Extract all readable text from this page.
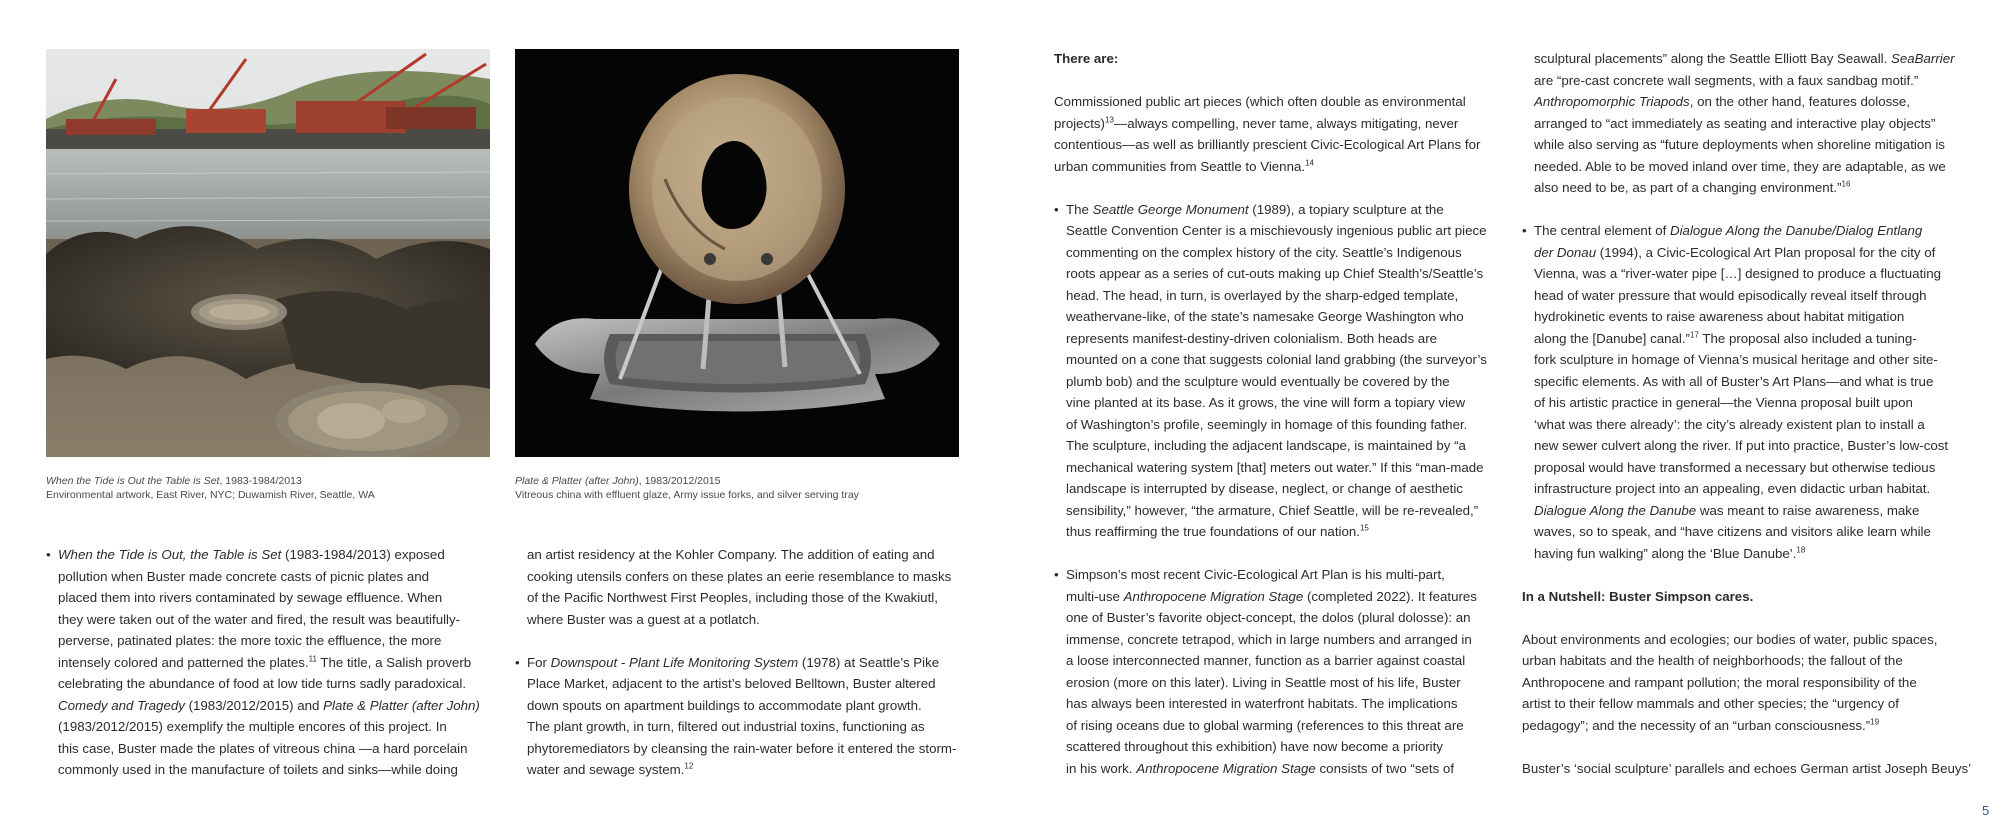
When the Tide is Out the Table is Set, 1983-1984/2013
Environmental artwork, East River, NYC; Duwamish River, Seattle, WA
Plate & Platter (after John), 1983/2012/2015
Vitreous china with effluent glaze, Army issue forks, and silver serving tray

• When the Tide is Out, the Table is Set (1983-1984/2013) exposed

pollution when Buster made concrete casts of picnic plates and

placed them into rivers contaminated by sewage effluence. When

they were taken out of the water and fired, the result was beautifully-

perverse, patinated plates: the more toxic the effluence, the more

intensely colored and patterned the plates.$^{11}$ The title, a Salish proverb

celebrating the abundance of food at low tide turns sadly paradoxical.

Comedy and Tragedy (1983/2012/2015) and Plate & Platter (after John)

(1983/2012/2015) exemplify the multiple encores of this project. In

this case, Buster made the plates of vitreous china —a hard porcelain

commonly used in the manufacture of toilets and sinks—while doing

an artist residency at the Kohler Company. The addition of eating and

cooking utensils confers on these plates an eerie resemblance to masks

of the Pacific Northwest First Peoples, including those of the Kwakiutl,

where Buster was a guest at a potlatch.

• For Downspout - Plant Life Monitoring System (1978) at Seattle’s Pike

Place Market, adjacent to the artist’s beloved Belltown, Buster altered

down spouts on apartment buildings to accommodate plant growth.

The plant growth, in turn, filtered out industrial toxins, functioning as

phytoremediators by cleansing the rain-water before it entered the storm-

water and sewage system.$^{12}$

There are:

Commissioned public art pieces (which often double as environmental

projects)$^{13}$—always compelling, never tame, always mitigating, never

contentious—as well as brilliantly prescient Civic-Ecological Art Plans for

urban communities from Seattle to Vienna.$^{14}$

• The Seattle George Monument (1989), a topiary sculpture at the

Seattle Convention Center is a mischievously ingenious public art piece

commenting on the complex history of the city. Seattle’s Indigenous

roots appear as a series of cut-outs making up Chief Stealth’s/Seattle’s

head. The head, in turn, is overlayed by the sharp-edged template,

weathervane-like, of the state’s namesake George Washington who

represents manifest-destiny-driven colonialism. Both heads are

mounted on a cone that suggests colonial land grabbing (the surveyor’s

plumb bob) and the sculpture would eventually be covered by the

vine planted at its base. As it grows, the vine will form a topiary view

of Washington’s profile, seemingly in homage of this founding father.

The sculpture, including the adjacent landscape, is maintained by “a

mechanical watering system [that] meters out water.” If this “man-made

landscape is interrupted by disease, neglect, or change of aesthetic

sensibility,” however, “the armature, Chief Seattle, will be re-revealed,”

thus reaffirming the true foundations of our nation.$^{15}$

• Simpson’s most recent Civic-Ecological Art Plan is his multi-part,

multi-use Anthropocene Migration Stage (completed 2022). It features

one of Buster’s favorite object-concept, the dolos (plural dolosse): an

immense, concrete tetrapod, which in large numbers and arranged in

a loose interconnected manner, function as a barrier against coastal

erosion (more on this later). Living in Seattle most of his life, Buster

has always been interested in waterfront habitats. The implications

of rising oceans due to global warming (references to this threat are

scattered throughout this exhibition) have now become a priority

in his work. Anthropocene Migration Stage consists of two “sets of

sculptural placements” along the Seattle Elliott Bay Seawall. SeaBarrier

are “pre-cast concrete wall segments, with a faux sandbag motif.”

Anthropomorphic Triapods, on the other hand, features dolosse,

arranged to “act immediately as seating and interactive play objects”

while also serving as “future deployments when shoreline mitigation is

needed. Able to be moved inland over time, they are adaptable, as we

also need to be, as part of a changing environment.”$^{16}$

• The central element of Dialogue Along the Danube/Dialog Entlang

der Donau (1994), a Civic-Ecological Art Plan proposal for the city of

Vienna, was a “river-water pipe […] designed to produce a fluctuating

head of water pressure that would episodically reveal itself through

hydrokinetic events to raise awareness about habitat mitigation

along the [Danube] canal.”$^{17}$ The proposal also included a tuning-

fork sculpture in homage of Vienna’s musical heritage and other site-

specific elements. As with all of Buster’s Art Plans—and what is true

of his artistic practice in general—the Vienna proposal built upon

‘what was there already’: the city’s already existent plan to install a

new sewer culvert along the river. If put into practice, Buster’s low-cost

proposal would have transformed a necessary but otherwise tedious

infrastructure project into an appealing, even didactic urban habitat.

Dialogue Along the Danube was meant to raise awareness, make

waves, so to speak, and “have citizens and visitors alike learn while

having fun walking” along the ‘Blue Danube’.$^{18}$

In a Nutshell: Buster Simpson cares.

About environments and ecologies; our bodies of water, public spaces,

urban habitats and the health of neighborhoods; the fallout of the

Anthropocene and rampant pollution; the moral responsibility of the

artist to their fellow mammals and other species; the “urgency of

pedagogy”; and the necessity of an “urban consciousness.”$^{19}$

Buster’s ‘social sculpture’ parallels and echoes German artist Joseph Beuys’

5
